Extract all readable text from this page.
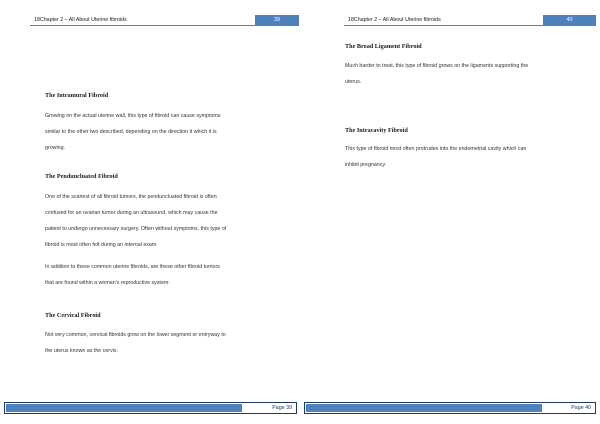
18Chapter 2 – All About Uterine fibroids	39
The Intramural Fibroid
Growing on the actual uterine wall, this type of fibroid can cause symptoms
similar to the other two described, depending on the direction it which it is
growing.
The Penduncluated Fibroid
One of the scariest of all fibroid tumors, the penduncluated fibroid is often
confused for an ovarian tumor during an ultrasound, which may cause the
patient to undergo unnecessary surgery. Often without symptoms, this type of
fibroid is most often felt during an internal exam.
In addition to these common uterine fibroids, are these other fibroid tumors
that are found within a woman’s reproductive system:
The Cervical Fibroid
Not very common, cervical fibroids grow on the lower segment or entryway to
the uterus known as the cervix.
Page 39
18Chapter 2 – All About Uterine fibroids	40
The Broad Ligament Fibroid
Much harder to treat, this type of fibroid grows on the ligaments supporting the
uterus.
The Intracavity Fibroid
This type of fibroid most often protrudes into the endometrial cavity which can
inhibit pregnancy.
Page 40
